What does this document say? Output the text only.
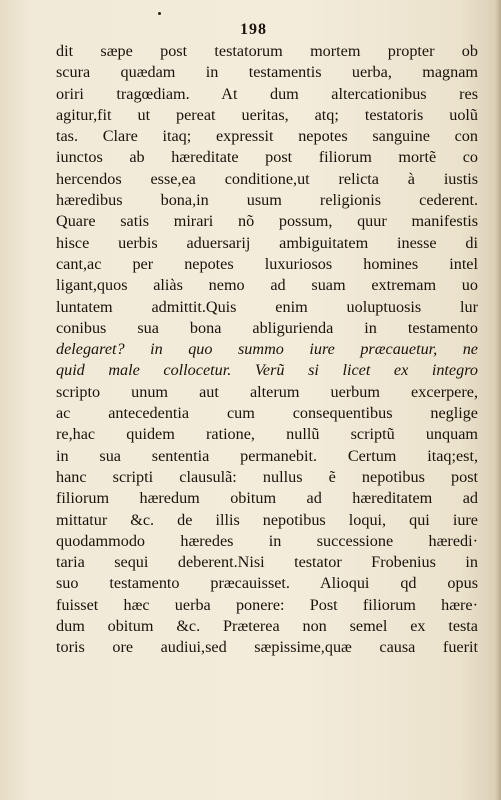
198
dit sæpe post testatorum mortem propter ob
scura quædam in testamentis uerba, magnam
oriri tragœdiam. At dum altercationibus res
agitur,fit ut pereat ueritas, atq; testatoris uolũ
tas. Clare itaq; expressit nepotes sanguine con
iunctos ab hæreditate post filiorum mortẽ co
hercendos esse,ea conditione,ut relicta à iustis
hæredibus bona,in usum religionis cederent.
Quare satis mirari nõ possum, quur manifestis
hisce uerbis aduersarij ambiguitatem inesse di
cant,ac per nepotes luxuriosos homines intel
ligant,quos aliàs nemo ad suam extremam uo
luntatem admittit.Quis enim uoluptuosis lur
conibus sua bona abligurienda in testamento
delegaret? in quo summo iure præcauetur, ne
quid male collocetur. Verũ si licet ex integro
scripto unum aut alterum uerbum excerpere,
ac antecedentia cum consequentibus neglige
re,hac quidem ratione, nullũ scriptũ unquam
in sua sententia permanebit. Certum itaq;est,
hanc scripti clausulã: nullus ẽ nepotibus post
filiorum hæredum obitum ad hæreditatem ad
mittatur &c. de illis nepotibus loqui, qui iure
quodammodo hæredes in successione hæredi·
taria sequi deberent.Nisi testator Frobenius in
suo testamento præcauisset. Alioqui qd opus
fuisset hæc uerba ponere: Post filiorum hære·
dum obitum &c. Præterea non semel ex testa
toris ore audiui,sed sæpissime,quæ causa fuerit
